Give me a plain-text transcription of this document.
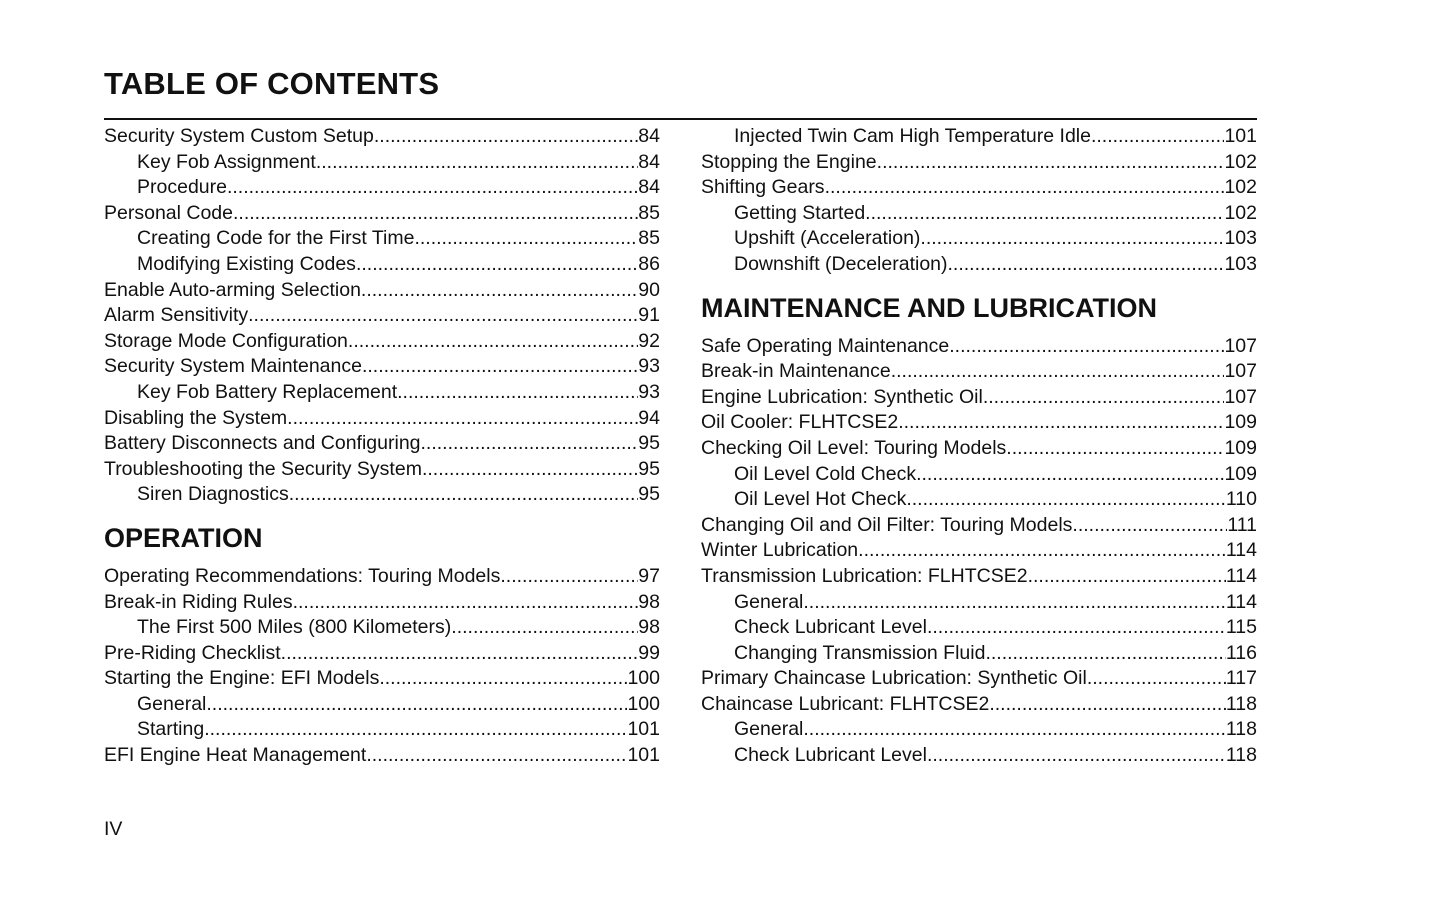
TABLE OF CONTENTS
Security System Custom Setup .....	84
Key Fob Assignment .....	84
Procedure .....	84
Personal Code .....	85
Creating Code for the First Time .....	85
Modifying Existing Codes .....	86
Enable Auto-arming Selection .....	90
Alarm Sensitivity .....	91
Storage Mode Configuration .....	92
Security System Maintenance .....	93
Key Fob Battery Replacement .....	93
Disabling the System .....	94
Battery Disconnects and Configuring .....	95
Troubleshooting the Security System .....	95
Siren Diagnostics .....	95
OPERATION
Operating Recommendations: Touring Models .....	97
Break-in Riding Rules .....	98
The First 500 Miles (800 Kilometers) .....	98
Pre-Riding Checklist .....	99
Starting the Engine: EFI Models .....	100
General .....	100
Starting .....	101
EFI Engine Heat Management .....	101
Injected Twin Cam High Temperature Idle .....	101
Stopping the Engine .....	102
Shifting Gears .....	102
Getting Started .....	102
Upshift (Acceleration) .....	103
Downshift (Deceleration) .....	103
MAINTENANCE AND LUBRICATION
Safe Operating Maintenance .....	107
Break-in Maintenance .....	107
Engine Lubrication: Synthetic Oil .....	107
Oil Cooler: FLHTCSE2 .....	109
Checking Oil Level: Touring Models .....	109
Oil Level Cold Check .....	109
Oil Level Hot Check .....	110
Changing Oil and Oil Filter: Touring Models .....	111
Winter Lubrication .....	114
Transmission Lubrication: FLHTCSE2 .....	114
General .....	114
Check Lubricant Level .....	115
Changing Transmission Fluid .....	116
Primary Chaincase Lubrication: Synthetic Oil .....	117
Chaincase Lubricant: FLHTCSE2 .....	118
General .....	118
Check Lubricant Level .....	118
IV
